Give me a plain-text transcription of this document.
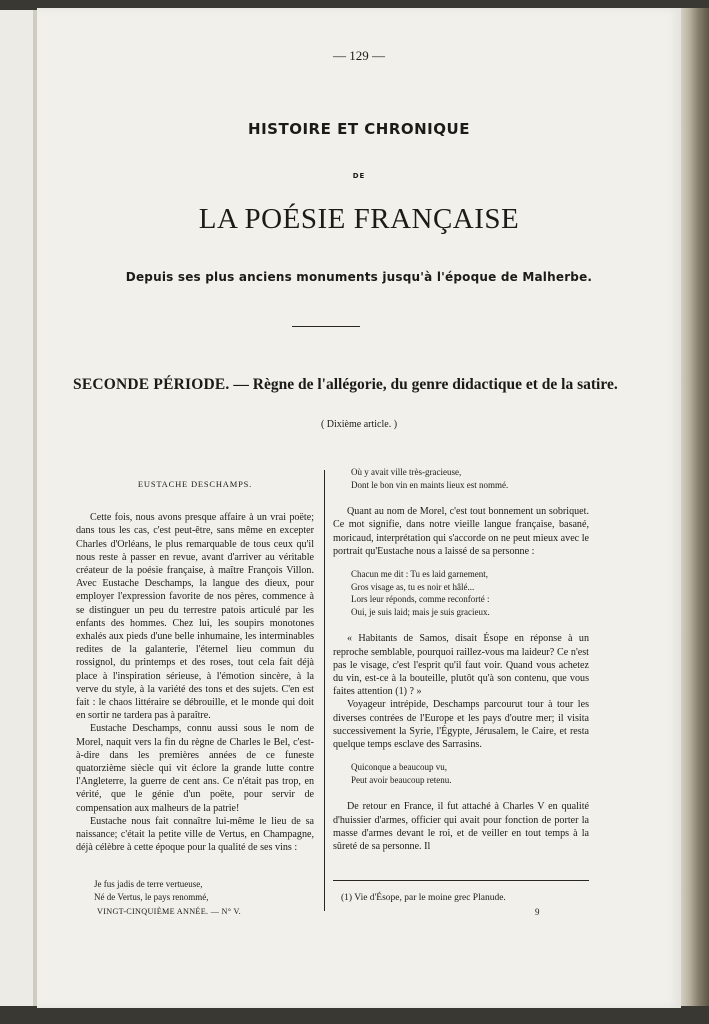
— 129 —
HISTOIRE ET CHRONIQUE
DE
LA POÉSIE FRANÇAISE
Depuis ses plus anciens monuments jusqu'à l'époque de Malherbe.
SECONDE PÉRIODE. — Règne de l'allégorie, du genre didactique et de la satire.
( Dixième article. )
EUSTACHE DESCHAMPS.

Cette fois, nous avons presque affaire à un vrai poëte; dans tous les cas, c'est peut-être, sans même en excepter Charles d'Orléans, le plus remarquable de tous ceux qu'il nous reste à passer en revue, avant d'arriver au véritable créateur de la poésie française, à maître François Villon. Avec Eustache Deschamps, la langue des dieux, pour employer l'expression favorite de nos pères, commence à se distinguer un peu du terrestre patois articulé par les enfants des hommes. Chez lui, les soupirs monotones exhalés aux pieds d'une belle inhumaine, les interminables redites de la galanterie, l'éternel lieu commun du rossignol, du printemps et des roses, tout cela fait déjà place à l'inspiration sérieuse, à l'émotion sincère, à la verve du style, à la variété des tons et des sujets. C'en est fait : le chaos littéraire se débrouille, et le monde qui doit en sortir ne tardera pas à paraître.

Eustache Deschamps, connu aussi sous le nom de Morel, naquit vers la fin du règne de Charles le Bel, c'est-à-dire dans les premières années de ce funeste quatorzième siècle qui vit éclore la grande lutte contre l'Angleterre, la guerre de cent ans. Ce n'était pas trop, en vérité, que le génie d'un poëte, pour servir de compensation aux malheurs de la patrie!

Eustache nous fait connaître lui-même le lieu de sa naissance; c'était la petite ville de Vertus, en Champagne, déjà célèbre à cette époque pour la qualité de ses vins :

Je fus jadis de terre vertueuse,
Né de Vertus, le pays renommé,
Où y avait ville très-gracieuse,
Dont le bon vin en maints lieux est nommé.

Quant au nom de Morel, c'est tout bonnement un sobriquet. Ce mot signifie, dans notre vieille langue française, basané, moricaud, interprétation qui s'accorde on ne peut mieux avec le portrait qu'Eustache nous a laissé de sa personne :

Chacun me dit : Tu es laid garnement,
Gros visage as, tu es noir et hâlé...
Lors leur réponds, comme reconforté :
Oui, je suis laid; mais je suis gracieux.

« Habitants de Samos, disait Ésope en réponse à un reproche semblable, pourquoi raillez-vous ma laideur? Ce n'est pas le visage, c'est l'esprit qu'il faut voir. Quand vous achetez du vin, est-ce à la bouteille, plutôt qu'à son contenu, que vous faites attention (1) ? »

Voyageur intrépide, Deschamps parcourut tour à tour les diverses contrées de l'Europe et les pays d'outre mer; il visita successivement la Syrie, l'Égypte, Jérusalem, le Caire, et resta quelque temps esclave des Sarrasins.

Quiconque a beaucoup vu,
Peut avoir beaucoup retenu.

De retour en France, il fut attaché à Charles V en qualité d'huissier d'armes, officier qui avait pour fonction de porter la masse d'armes devant le roi, et de veiller en tout temps à la sûreté de sa personne. Il

(1) Vie d'Ésope, par le moine grec Planude.
VINGT-CINQUIÈME ANNÉE. — N° V.	9
